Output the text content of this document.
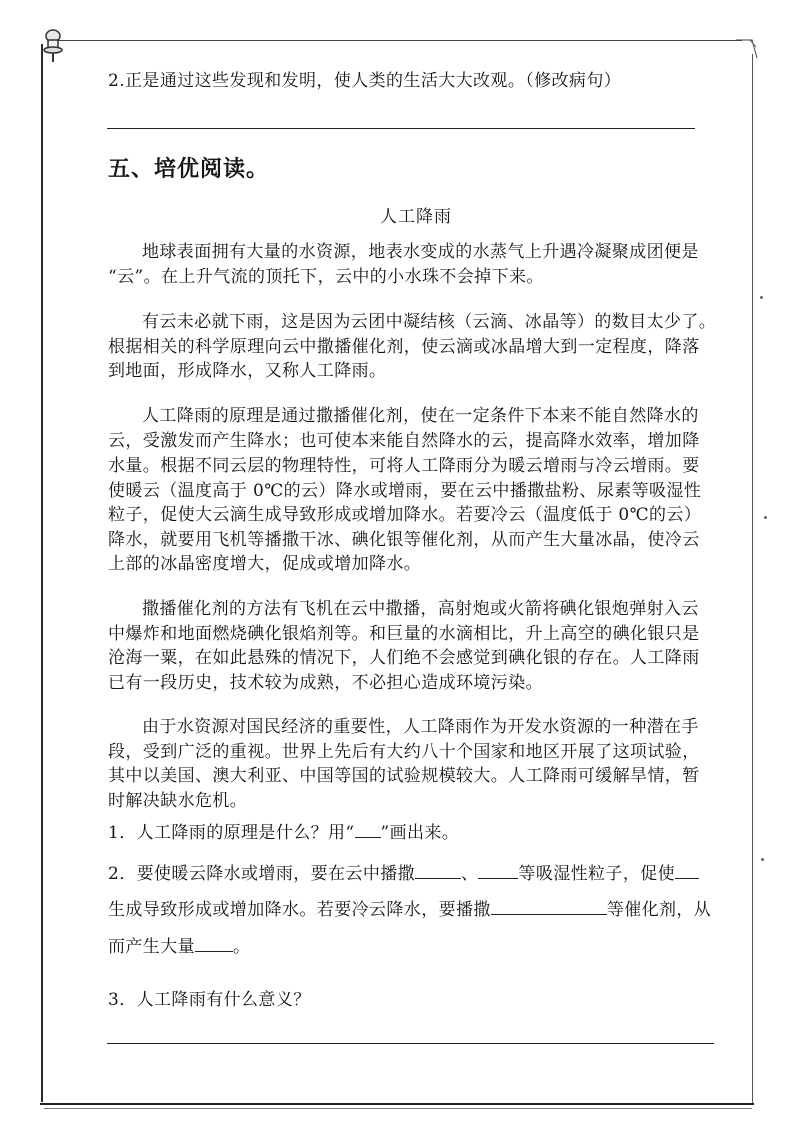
2.正是通过这些发现和发明，使人类的生活大大改观。（修改病句）

五、培优阅读。

人工降雨

地球表面拥有大量的水资源，地表水变成的水蒸气上升遇冷凝聚成团便是

“云”。在上升气流的顶托下，云中的小水珠不会掉下来。

有云未必就下雨，这是因为云团中凝结核（云滴、冰晶等）的数目太少了。

根据相关的科学原理向云中撒播催化剂，使云滴或冰晶增大到一定程度，降落

到地面，形成降水，又称人工降雨。

人工降雨的原理是通过撒播催化剂，使在一定条件下本来不能自然降水的

云，受激发而产生降水；也可使本来能自然降水的云，提高降水效率，增加降

水量。根据不同云层的物理特性，可将人工降雨分为暖云增雨与冷云增雨。要

使暖云（温度高于 0℃的云）降水或增雨，要在云中播撒盐粉、尿素等吸湿性

粒子，促使大云滴生成导致形成或增加降水。若要冷云（温度低于 0℃的云）

降水，就要用飞机等播撒干冰、碘化银等催化剂，从而产生大量冰晶，使冷云

上部的冰晶密度增大，促成或增加降水。

撒播催化剂的方法有飞机在云中撒播，高射炮或火箭将碘化银炮弹射入云

中爆炸和地面燃烧碘化银焰剂等。和巨量的水滴相比，升上高空的碘化银只是

沧海一粟，在如此悬殊的情况下，人们绝不会感觉到碘化银的存在。人工降雨

已有一段历史，技术较为成熟，不必担心造成环境污染。

由于水资源对国民经济的重要性，人工降雨作为开发水资源的一种潜在手

段，受到广泛的重视。世界上先后有大约八十个国家和地区开展了这项试验，

其中以美国、澳大利亚、中国等国的试验规模较大。人工降雨可缓解旱情，暂

时解决缺水危机。

1．人工降雨的原理是什么？用“ ”画出来。

2．要使暖云降水或增雨，要在云中播撒	、 等吸湿性粒子，促使

生成导致形成或增加降水。若要冷云降水，要播撒	等催化剂，从

而产生大量 。

3．人工降雨有什么意义？
